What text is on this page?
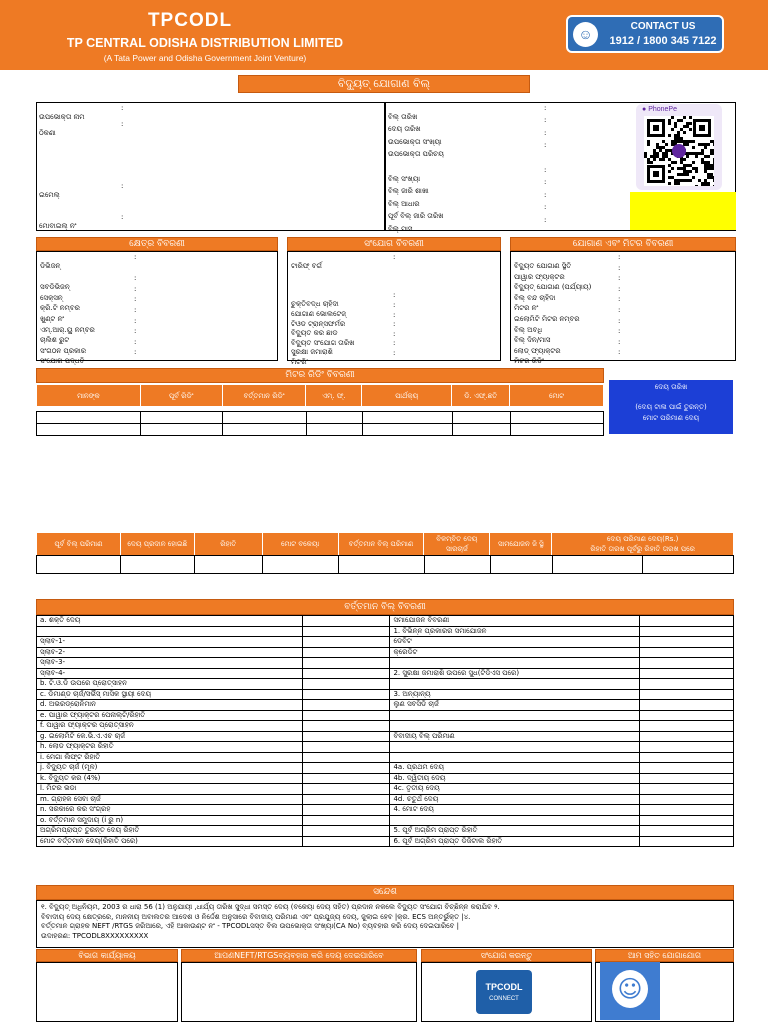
TPCODL
TP CENTRAL ODISHA DISTRIBUTION LIMITED
(A Tata Power and Odisha Government Joint Venture)
☺	CONTACT US
1912 / 1800 345 7122
ବିଦ୍ୟୁତ୍ ଯୋଗାଣ ବିଲ୍
ଉପଭୋକ୍ତା ନାମ
:
ଠିକଣା
:
ଇମେଲ୍
:
ମୋବାଇଲ୍ ନଂ
:
ବିଲ୍ ତାରିଖ
:
ଦେୟ ତାରିଖ
:
ଉପଭୋକ୍ତା ସଂଖ୍ୟା
:
ଉପଭୋକ୍ତା ପରିଚୟ
:
ବିଲ୍ ସଂଖ୍ୟା
:
ବିଲ୍ ଜାରି ଶାଖା
:
ବିଲ୍ ଆଧାର
:
ପୂର୍ବ ବିଲ୍ ଜାରି ତାରିଖ
:
ବିଲ୍ ମାସ
:
● PhonePe
କ୍ଷେତ୍ର ବିବରଣୀ	ସଂଯୋଗ ବିବରଣୀ	ଯୋଗାଣ ଏବଂ ମିଟର ବିବରଣୀ
ଡିଭିଜନ୍
:
ସବଡିଭିଜନ୍
:
ସେକ୍ସନ୍
:
କ୍ରି.ଟି ନମ୍ବର
:
ଖୁଣ୍ଟ ନଂ
:
ଏମ୍.ଆର୍.ୟୁ ନମ୍ବର
:
ଚାଲିଶ ରୁଟ
:
ସଂଗଠନ ପ୍ରକାର
:
ସଂଯୋଗ ପଦ୍ଧତି
:
ଟାରିଫ୍ ବର୍ଗ
:
ଚୁକ୍ତିବଦ୍ଧ ଚାହିଦା
:
ଯୋଗାଣ ଭୋଲଟେଜ୍
:
ଟିଓଡ ଟ୍ରାନ୍ସଫର୍ମର
:
ବିଦ୍ୟୁତ କର ଛାଡ
:
ବିଦ୍ୟୁତ ସଂଯୋଗ ତାରିଖ
:
ସୁରକ୍ଷା ଜମାରାଶି
:
ମିଟରିଂ
:
ବିଦ୍ୟୁତ ଯୋଗାଣ ସ୍ଥିତି
:
ପାୱାର ଫ୍ୟାକ୍ଟର
:
ବିଦ୍ୟୁତ୍ ଯୋଗାଣ (ପର୍ଯ୍ୟାୟ)
:
ବିଲ୍ ବନ୍ଦ ଚାହିଦା
:
ମିଟର ନଂ
:
ଇଲୋମିଟି ମିଟର ନମ୍ବର
:
ବିଲ୍ ଅବଧି
:
ବିଲ୍ ଦିନ/ମାସ
:
ଲୋଡ୍ ଫ୍ୟାକ୍ଟର
:
ମିଟର ରିଡିଂ
:
ମିଟର ରିଡିଂ ବିବରଣୀ
ମାନଙ୍କ	ପୂର୍ବ ରିଡିଂ	ବର୍ତ୍ତମାନ ରିଡିଂ	ଏମ୍. ଫ୍.	ପାର୍ଥକ୍ୟ	ଡି. ଏଫ୍.ଛତି	ମୋଟ

ଦେୟ ତାରିଖ
(ଦେୟ ଟାଳା ପାଇଁ ତୁରନ୍ତ)
ମୋଟ ପରିମାଣ ଦେୟ
ପୂର୍ବ ବିଲ୍ ପରିମାଣ	ଦେୟ ପ୍ରଦାନ ହୋଇଛି	ରିହାତି	ମୋଟ ବକେୟା	ବର୍ତ୍ତମାନ ବିଲ୍ ପରିମାଣ

ବିଳମ୍ବିତ ଦେୟ ସାରଚାର୍ଜ

ସାମଯୋଜନ ଜି ସ୍ଥି

ଦେୟ ପରିମାଣ ଦେୟ(Rs.)
ରିହାତି ତାରଖ ପୂର୍ବରୁ ରିହାତି ତାରଖ ପରେ

ବର୍ତ୍ତମାନ ବିଲ୍ ବିବରଣୀ
a. ଶକ୍ତି ଦେୟ		ସମାଯୋଜନ ବିବରଣୀ	
		1. ବିଭିନ୍ନ ପ୍ରକାରର ସମାଯୋଜନ	
ସ୍ଲାବ-1-		ଡେବିଟ	
ସ୍ଲାବ-2-		କ୍ରେଡିଟ	
ସ୍ଲାବ-3-			
ସ୍ଲାବ-4-		2. ସୁରକ୍ଷା ଜମାରାଶି ଉପରେ ସୁଧ(ଟିଡିଏସ ପରେ)	
b. ଟି.ଓ.ଡି ଉପରେ ପ୍ରୋତ୍ସାହନ			
c. ଡିମାଣ୍ଡ ଚାର୍ଜ/ସର୍ଭିସ୍ ମାସିକ ସ୍ଥାୟୀ ଦେୟ		3. ଅନ୍ୟାନ୍ୟ	
d. ଅଭରଡ୍ରୋନିମାନ		ଲୁଣ ସବସିଡି ଚାର୍ଜ	
e. ପାୱାର ଫ୍ୟାକ୍ଟର ପେନାଲ୍ଟି/ରିହାତି			
f. ପାୱାର ଫ୍ୟାକ୍ଟର ପ୍ରୋତ୍ସାହନ			
g. ଇଲୋମିଟି କେ.ଭି.ଏ.ଏଚ ଚାର୍ଜ		ବିବାଦୀୟ ବିଲ୍ ପରିମାଣ	
h. ଲୋଡ ଫ୍ୟାକ୍ଟର ରିହାତି			
i. ମେଗା ଲିଫ୍ଟ ରିହାତି			
j. ବିଦ୍ୟୁତ ଚାର୍ଜ (ମୂଳ)		4a. ପ୍ରଥମ ଦେୟ	
k. ବିଦ୍ୟୁତ କର (4%)		4b. ଦ୍ୱିତୀୟ ଦେୟ	
l. ମିଟର ଭଡା		4c. ତୃତୀୟ ଦେୟ	
m. ଗ୍ରାହକ ସେବା ଚାର୍ଜ		4d. ଚତୁର୍ଥ ଦେୟ	
n. ସରକାରେ କର ସଂଗ୍ରହ		4. ମୋଟ ଦେୟ	
o. ବର୍ତ୍ତମାନ ସମୁଦାୟ (i ରୁ n)			
ଅଗ୍ରିମପ୍ରାପ୍ତ ତୁରନ୍ତ ଦେୟ ରିହାତି		5. ପୂର୍ବ ଅଗ୍ରିମ ପ୍ରାପ୍ତ ରିହାତି	
ମୋଟ ବର୍ତ୍ତମାନ ଦେୟ(ରିହାତି ପରେ)		6. ପୂର୍ବ ଅଗ୍ରିମ ପ୍ରାପ୍ତ ଡିଜିଟାଲ ରିହାତି	
ସନ୍ଦେଶ
୧. ବିଦ୍ୟୁତ୍ ଅଧିନିୟମ, 2003 ର ଧାରା 56 (1) ଅନୁଯାୟୀ ,ଧାର୍ଯ୍ୟ ତାରିଖ ସୁଦ୍ଧା ସମସ୍ତ ଦେୟ (ବକେୟା ଦେୟ ସହିତ) ପ୍ରଦାନ ନକଲେ ବିଦ୍ୟୁତ ସଂଯୋଗ ବିଚ୍ଛିନ୍ନ କରାଯିବ ୨.
ବିବାଦୀୟ ଦେୟ କ୍ଷେତ୍ରରେ, ମାନନୀୟ ଅବାଲତର ଆଦେଶ ଓ ନିର୍ଦ୍ଦେଶ ଅନୁସାରେ ବିବାଦୀୟ ପରିମାଣ ଏବଂ ପ୍ରଯୁଜ୍ୟ ଦେୟ, ଜୁଲାଇ ହେବ |କ୍ର. ECS ଅନ୍ତର୍ଭୁକ୍ତ |୪.
ବର୍ତ୍ତମାନ ଗ୍ରାହକ NEFT /RTGS ଜରିଆରେ, ଏହି ଆକାଉଣ୍ଟ ନଂ - TPCODLସସ୍ତ ବିଲ ଉପଭୋକ୍ତା ସଂଖ୍ୟା(CA No) ବ୍ୟବହାର କରି ଦେୟ ଦେଇପାରିବେ |
ଉଦାହରଣ: TPCODL8XXXXXXXXX
ବିଭାଗ କାର୍ଯ୍ୟାଳୟ	ଆପଣNEFT/RTGSବ୍ୟବହାର କରି ଦେୟ ଦେଇପାରିବେ	ସଂଯୋଗ କରନ୍ତୁ	ଆମ ସହିତ ଯୋଗାଯୋଗ
TPCODL
CONNECT	☺
